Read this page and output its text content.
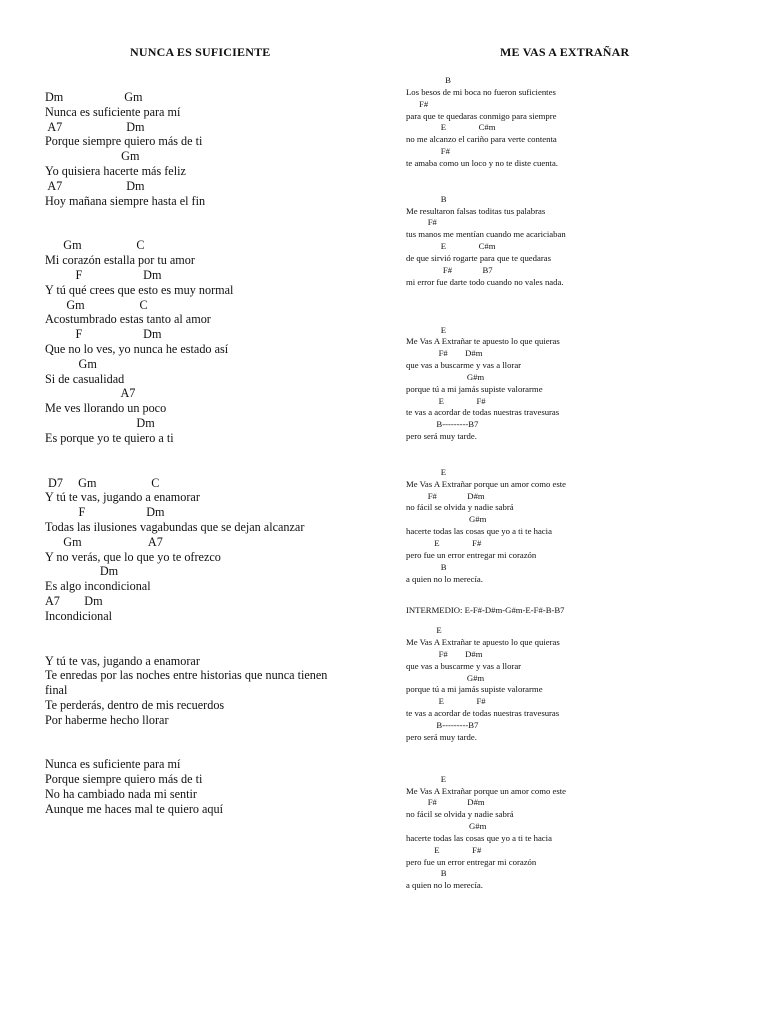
NUNCA ES SUFICIENTE	ME VAS A EXTRAÑAR
Dm                    Gm
Nunca es suficiente para mí
A7                     Dm
Porque siempre quiero más de ti
Gm
Yo quisiera hacerte más feliz
A7                     Dm
Hoy mañana siempre hasta el fin
Gm                  C
Mi corazón estalla por tu amor
F                    Dm
Y tú qué crees que esto es muy normal
Gm                  C
Acostumbrado estas tanto al amor
F                    Dm
Que no lo ves, yo nunca he estado así
Gm
Si de casualidad
A7
Me ves llorando un poco
Dm
Es porque yo te quiero a ti
D7     Gm                  C
Y tú te vas, jugando a enamorar
F                    Dm
Todas las ilusiones vagabundas que se dejan alcanzar
Gm                      A7
Y no verás, que lo que yo te ofrezco
Dm
Es algo incondicional
A7        Dm
Incondicional
Y tú te vas, jugando a enamorar
Te enredas por las noches entre historias que nunca tienen final
Te perderás, dentro de mis recuerdos
Por haberme hecho llorar
Nunca es suficiente para mí
Porque siempre quiero más de ti
No ha cambiado nada mi sentir
Aunque me haces mal te quiero aquí
B
Los besos de mi boca no fueron suficientes
F#
para que te quedaras conmigo para siempre
E               C#m
no me alcanzo el cariño para verte contenta
F#
te amaba como un loco y no te diste cuenta.
B
Me resultaron falsas toditas tus palabras
F#
tus manos me mentían cuando me acariciaban
E               C#m
de que sirvió rogarte para que te quedaras
F#              B7
mi error fue darte todo cuando no vales nada.
E
Me Vas A Extrañar te apuesto lo que quieras
F#        D#m
que vas a buscarme y vas a llorar
G#m
porque tú a mi jamás supiste valorarme
E               F#
te vas a acordar de todas nuestras travesuras
B---------B7
pero será muy tarde.
E
Me Vas A Extrañar porque un amor como este
F#              D#m
no fácil se olvida y nadie sabrá
G#m
hacerte todas las cosas que yo a ti te hacia
E               F#
pero fue un error entregar mi corazón
B
a quien no lo merecía.
INTERMEDIO: E-F#-D#m-G#m-E-F#-B-B7
E
Me Vas A Extrañar te apuesto lo que quieras
F#        D#m
que vas a buscarme y vas a llorar
G#m
porque tú a mi jamás supiste valorarme
E               F#
te vas a acordar de todas nuestras travesuras
B---------B7
pero será muy tarde.
E
Me Vas A Extrañar porque un amor como este
F#              D#m
no fácil se olvida y nadie sabrá
G#m
hacerte todas las cosas que yo a ti te hacia
E               F#
pero fue un error entregar mi corazón
B
a quien no lo merecía.
